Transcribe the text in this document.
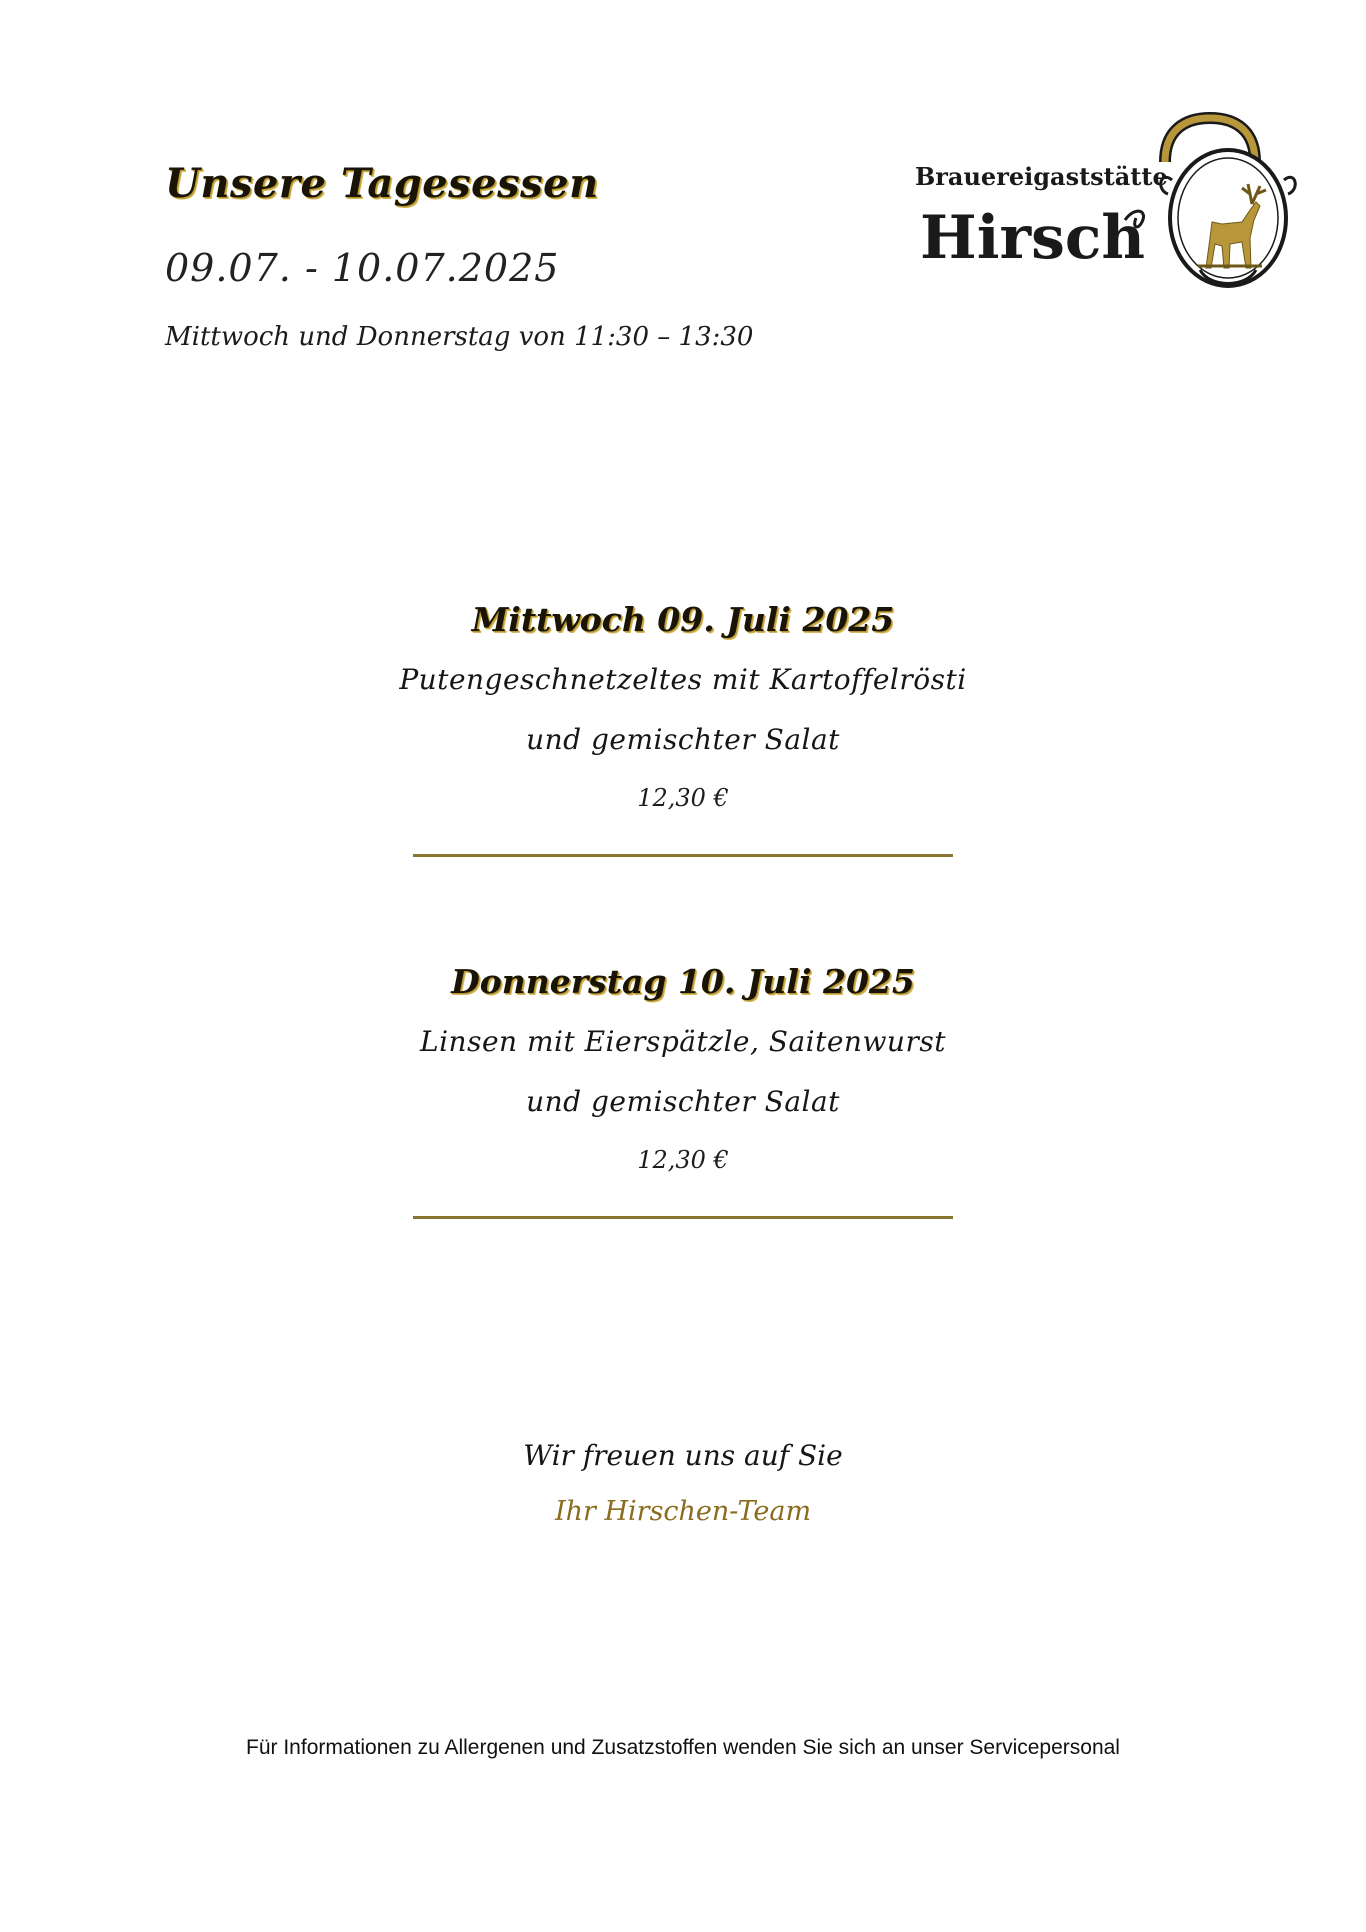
Unsere Tagesessen
09.07. - 10.07.2025
Mittwoch und Donnerstag von 11:30 – 13:30
Brauereigaststätte
Hirsch
Mittwoch 09. Juli 2025
Putengeschnetzeltes mit Kartoffelrösti
und gemischter Salat
12,30 €
Donnerstag 10. Juli 2025
Linsen mit Eierspätzle, Saitenwurst
und gemischter Salat
12,30 €
Wir freuen uns auf Sie
Ihr Hirschen-Team
Für Informationen zu Allergenen und Zusatzstoffen wenden Sie sich an unser Servicepersonal
